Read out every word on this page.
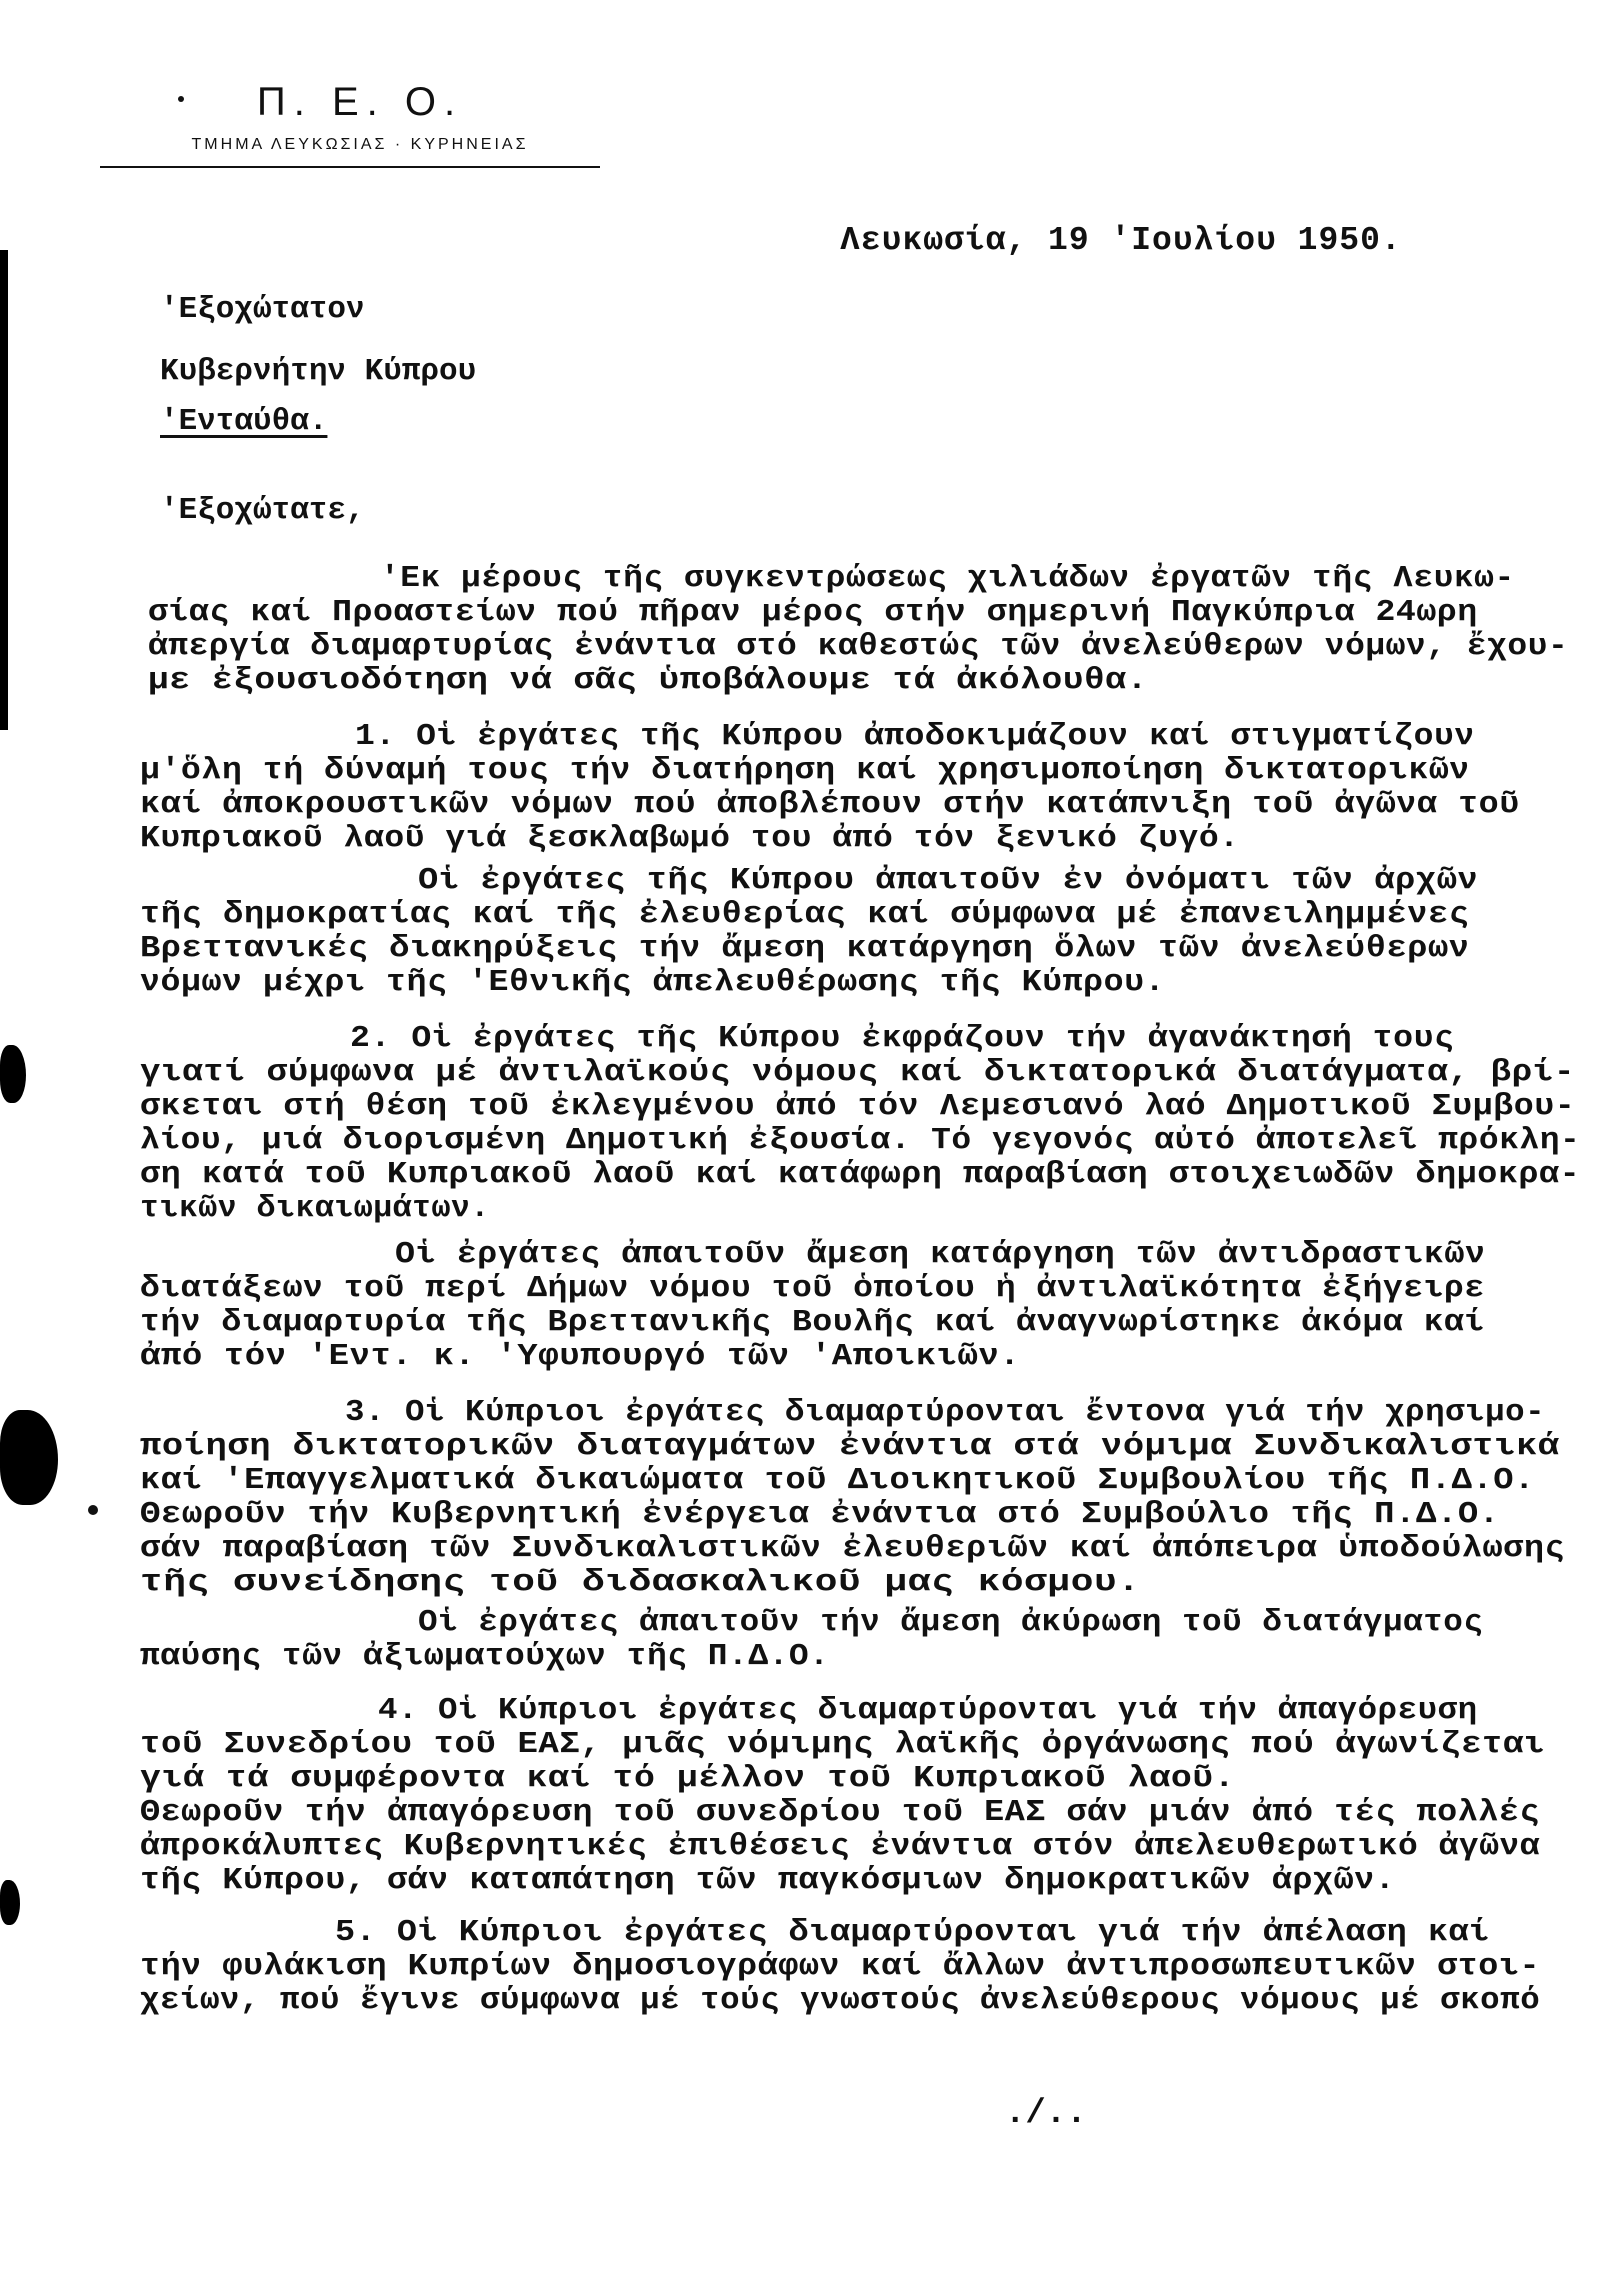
Π. Ε. Ο.
ΤΜΗΜΑ ΛΕΥΚΩΣΙΑΣ · ΚΥΡΗΝΕΙΑΣ
Λευκωσία, 19 'Ιουλίου 1950.
'Εξοχώτατον
Κυβερνήτην Κύπρου
'Ενταύθα.
'Εξοχώτατε,
'Εκ μέρους τῆς συγκεντρώσεως χιλιάδων ἐργατῶν τῆς Λευκω-
σίας καί Προαστείων πού πῆραν μέρος στήν σημερινή Παγκύπρια 24ωρη
ἀπεργία διαμαρτυρίας ἐνάντια στό καθεστώς τῶν ἀνελεύθερων νόμων, ἔχου-
με ἐξουσιοδότηση νά σᾶς ὑποβάλουμε τά ἀκόλουθα.
1. Οἱ ἐργάτες τῆς Κύπρου ἀποδοκιμάζουν καί στιγματίζουν
μ'ὅλη τή δύναμή τους τήν διατήρηση καί χρησιμοποίηση δικτατορικῶν
καί ἀποκρουστικῶν νόμων πού ἀποβλέπουν στήν κατάπνιξη τοῦ ἀγῶνα τοῦ
Κυπριακοῦ λαοῦ γιά ξεσκλαβωμό του ἀπό τόν ξενικό ζυγό.
Οἱ ἐργάτες τῆς Κύπρου ἀπαιτοῦν ἐν ὀνόματι τῶν ἀρχῶν
τῆς δημοκρατίας καί τῆς ἐλευθερίας καί σύμφωνα μέ ἐπανειλημμένες
Βρεττανικές διακηρύξεις τήν ἄμεση κατάργηση ὅλων τῶν ἀνελεύθερων
νόμων μέχρι τῆς 'Εθνικῆς ἀπελευθέρωσης τῆς Κύπρου.
2. Οἱ ἐργάτες τῆς Κύπρου ἐκφράζουν τήν ἀγανάκτησή τους
γιατί σύμφωνα μέ ἀντιλαϊκούς νόμους καί δικτατορικά διατάγματα, βρί-
σκεται στή θέση τοῦ ἐκλεγμένου ἀπό τόν Λεμεσιανό λαό Δημοτικοῦ Συμβου-
λίου, μιά διορισμένη Δημοτική ἐξουσία. Τό γεγονός αὐτό ἀποτελεῖ πρόκλη-
ση κατά τοῦ Κυπριακοῦ λαοῦ καί κατάφωρη παραβίαση στοιχειωδῶν δημοκρα-
τικῶν δικαιωμάτων.
Οἱ ἐργάτες ἀπαιτοῦν ἄμεση κατάργηση τῶν ἀντιδραστικῶν
διατάξεων τοῦ περί Δήμων νόμου τοῦ ὁποίου ἡ ἀντιλαϊκότητα ἐξήγειρε
τήν διαμαρτυρία τῆς Βρεττανικῆς Βουλῆς καί ἀναγνωρίστηκε ἀκόμα καί
ἀπό τόν 'Εντ. κ. 'Υφυπουργό τῶν 'Αποικιῶν.
3. Οἱ Κύπριοι ἐργάτες διαμαρτύρονται ἔντονα γιά τήν χρησιμο-
ποίηση δικτατορικῶν διαταγμάτων ἐνάντια στά νόμιμα Συνδικαλιστικά
καί 'Επαγγελματικά δικαιώματα τοῦ Διοικητικοῦ Συμβουλίου τῆς Π.Δ.Ο.
Θεωροῦν τήν Κυβερνητική ἐνέργεια ἐνάντια στό Συμβούλιο τῆς Π.Δ.Ο.
σάν παραβίαση τῶν Συνδικαλιστικῶν ἐλευθεριῶν καί ἀπόπειρα ὑποδούλωσης
τῆς συνείδησης τοῦ διδασκαλικοῦ μας κόσμου.
Οἱ ἐργάτες ἀπαιτοῦν τήν ἄμεση ἀκύρωση τοῦ διατάγματος
παύσης τῶν ἀξιωματούχων τῆς Π.Δ.Ο.
4. Οἱ Κύπριοι ἐργάτες διαμαρτύρονται γιά τήν ἀπαγόρευση
τοῦ Συνεδρίου τοῦ ΕΑΣ, μιᾶς νόμιμης λαϊκῆς ὀργάνωσης πού ἀγωνίζεται
γιά τά συμφέροντα καί τό μέλλον τοῦ Κυπριακοῦ λαοῦ.
Θεωροῦν τήν ἀπαγόρευση τοῦ συνεδρίου τοῦ ΕΑΣ σάν μιάν ἀπό τές πολλές
ἀπροκάλυπτες Κυβερνητικές ἐπιθέσεις ἐνάντια στόν ἀπελευθερωτικό ἀγῶνα
τῆς Κύπρου, σάν καταπάτηση τῶν παγκόσμιων δημοκρατικῶν ἀρχῶν.
5. Οἱ Κύπριοι ἐργάτες διαμαρτύρονται γιά τήν ἀπέλαση καί
τήν φυλάκιση Κυπρίων δημοσιογράφων καί ἄλλων ἀντιπροσωπευτικῶν στοι-
χείων, πού ἔγινε σύμφωνα μέ τούς γνωστούς ἀνελεύθερους νόμους μέ σκοπό
./..
